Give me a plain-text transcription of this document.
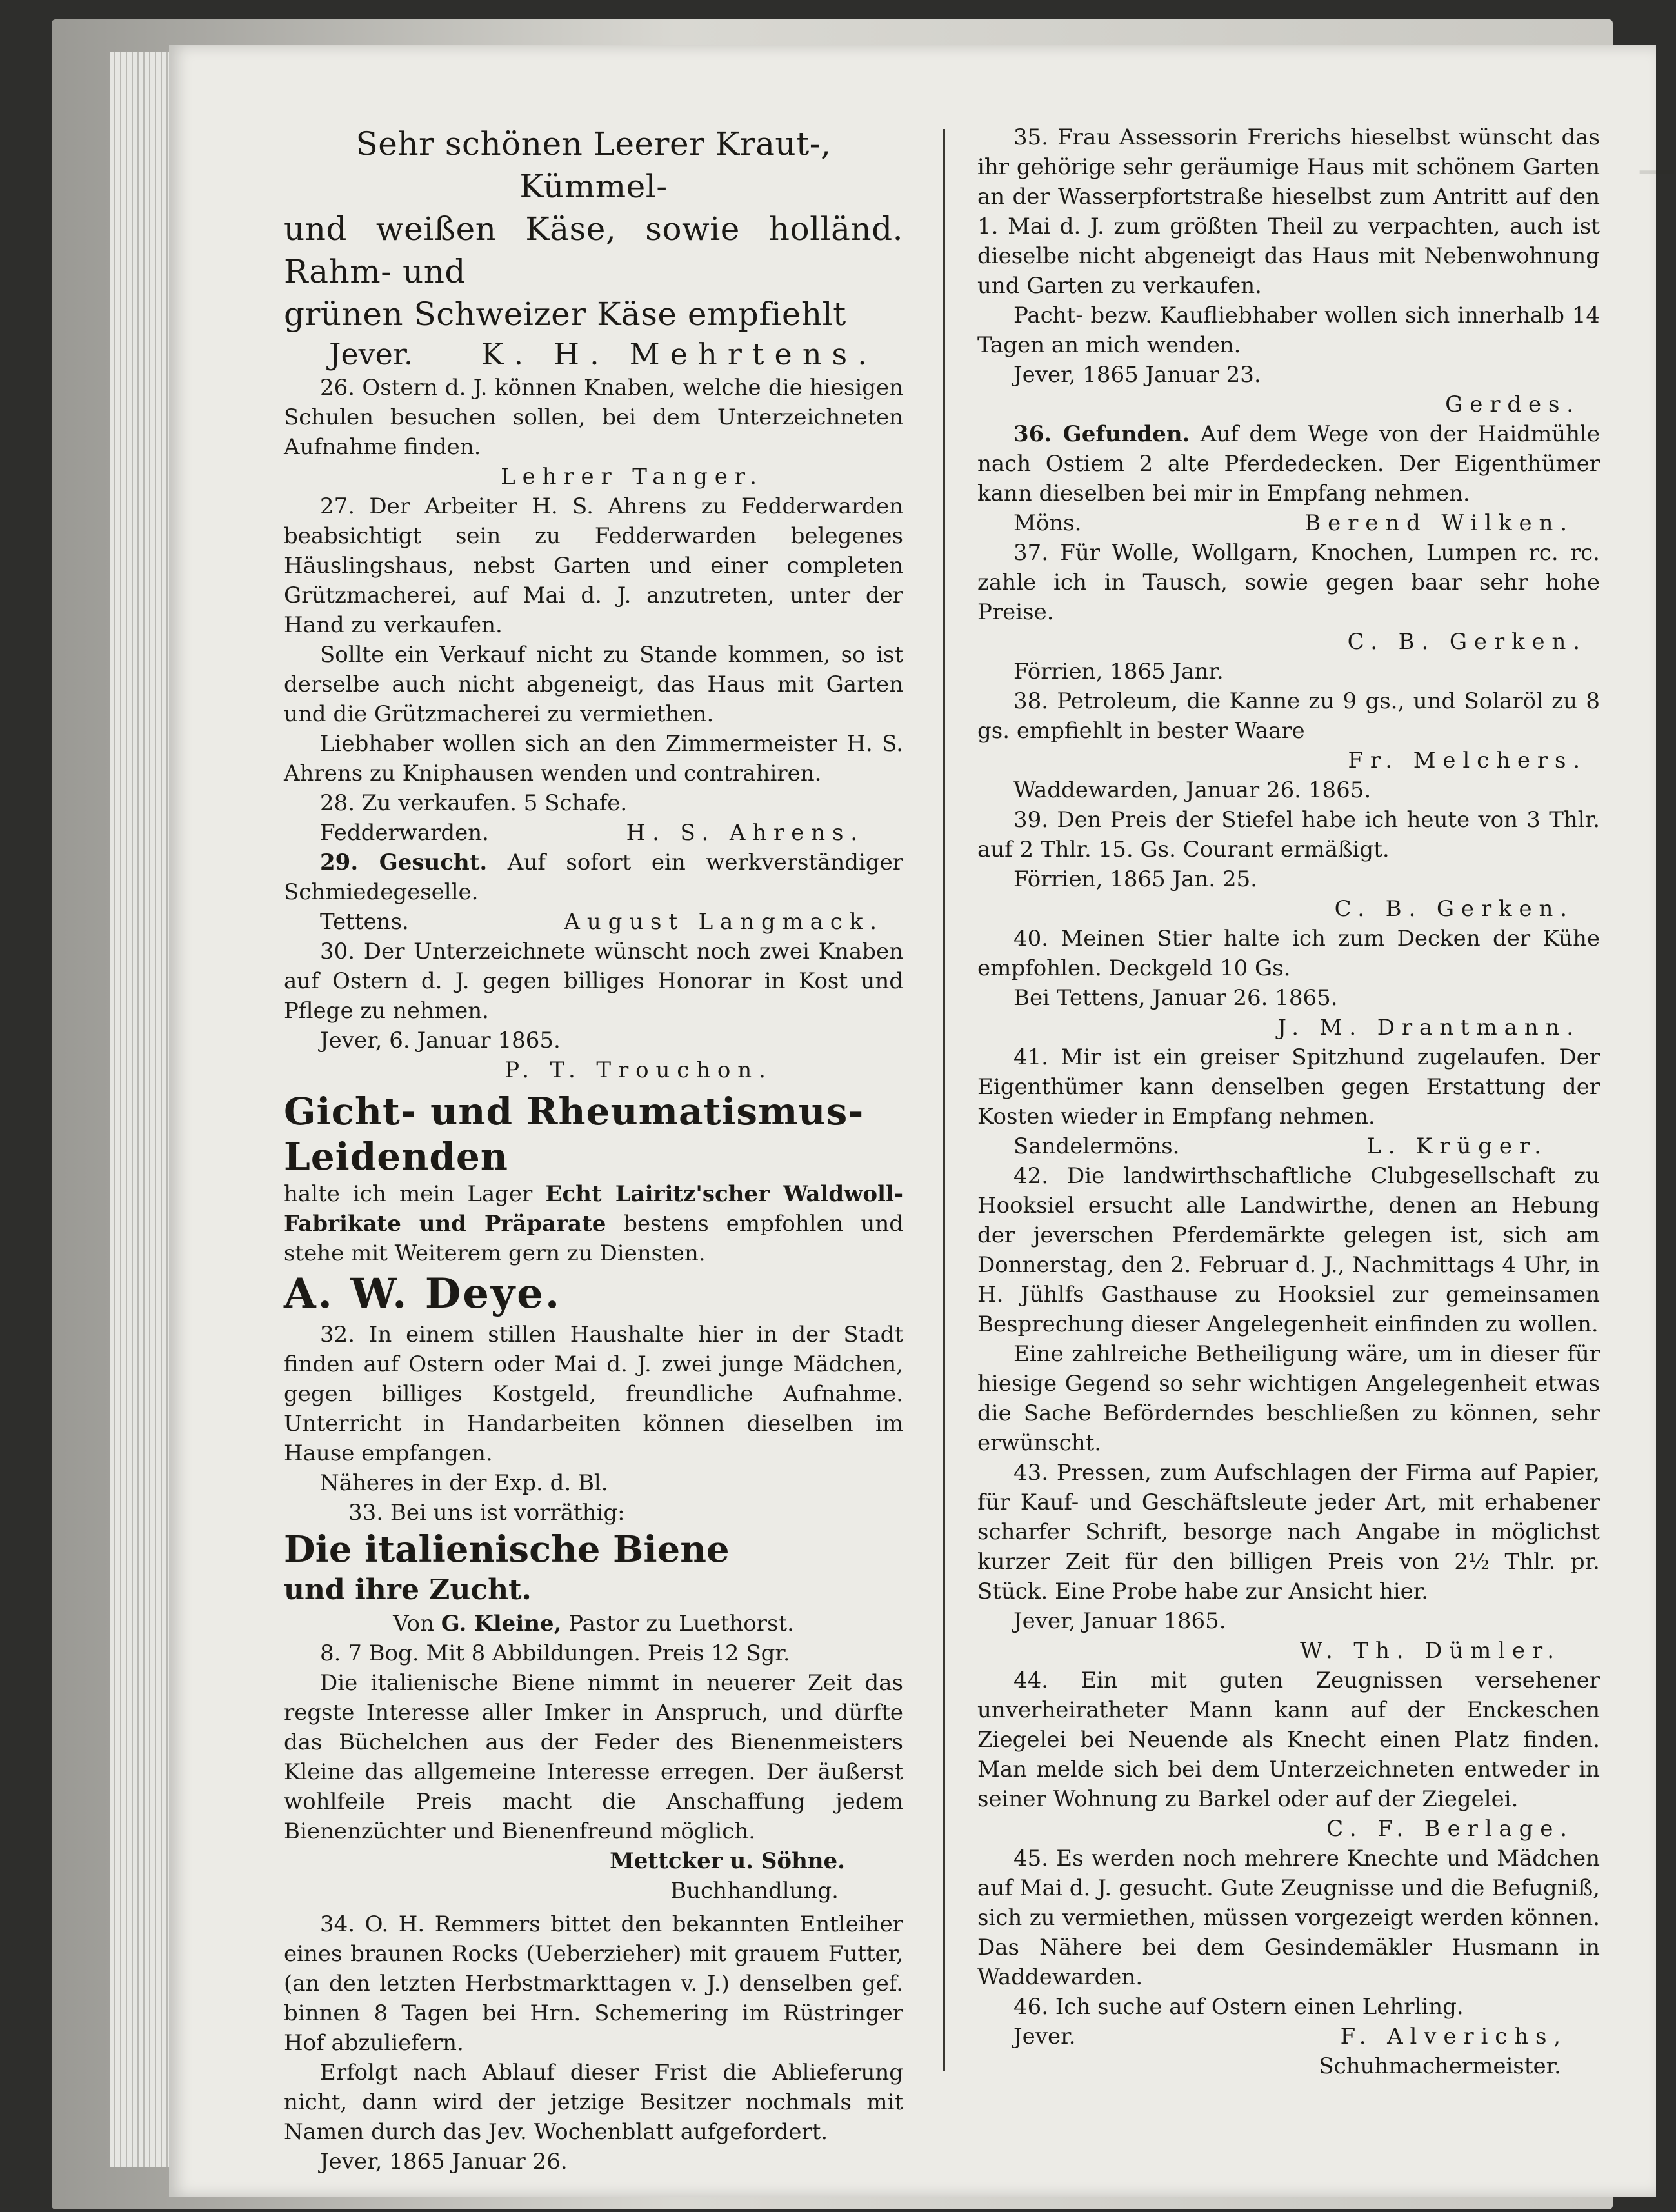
▁▁

Sehr schönen Leerer Kraut-, Kümmel-

und weißen Käse, sowie holländ. Rahm- und

grünen Schweizer Käse empfiehlt

Jever. K. H. Mehrtens.

26. Ostern d. J. können Knaben, welche die hiesigen Schulen besuchen sollen, bei dem Unterzeichneten Aufnahme finden.

Lehrer Tanger.

27. Der Arbeiter H. S. Ahrens zu Fedderwarden beabsichtigt sein zu Fedderwarden belegenes Häuslingshaus, nebst Garten und einer completen Grützmacherei, auf Mai d. J. anzutreten, unter der Hand zu verkaufen.

Sollte ein Verkauf nicht zu Stande kommen, so ist derselbe auch nicht abgeneigt, das Haus mit Garten und die Grützmacherei zu vermiethen.

Liebhaber wollen sich an den Zimmermeister H. S. Ahrens zu Kniphausen wenden und contrahiren.

28. Zu verkaufen. 5 Schafe.

Fedderwarden.	H. S. Ahrens.

29. Gesucht. Auf sofort ein werkverständiger Schmiedegeselle.

Tettens.	August Langmack.

30. Der Unterzeichnete wünscht noch zwei Knaben auf Ostern d. J. gegen billiges Honorar in Kost und Pflege zu nehmen.

Jever, 6. Januar 1865.

P. T. Trouchon.

Gicht- und Rheumatismus-

Leidenden

halte ich mein Lager Echt Lairitz'scher Waldwoll-Fabrikate und Präparate bestens empfohlen und stehe mit Weiterem gern zu Diensten.

A. W. Deye.

32. In einem stillen Haushalte hier in der Stadt finden auf Ostern oder Mai d. J. zwei junge Mädchen, gegen billiges Kostgeld, freundliche Aufnahme. Unterricht in Handarbeiten können dieselben im Hause empfangen.

Näheres in der Exp. d. Bl.

33. Bei uns ist vorräthig:

Die italienische Biene

und ihre Zucht.

Von G. Kleine, Pastor zu Luethorst.

8. 7 Bog. Mit 8 Abbildungen. Preis 12 Sgr.

Die italienische Biene nimmt in neuerer Zeit das regste Interesse aller Imker in Anspruch, und dürfte das Büchelchen aus der Feder des Bienenmeisters Kleine das allgemeine Interesse erregen. Der äußerst wohlfeile Preis macht die Anschaffung jedem Bienenzüchter und Bienenfreund möglich.

Mettcker u. Söhne.

Buchhandlung.

34. O. H. Remmers bittet den bekannten Entleiher eines braunen Rocks (Ueberzieher) mit grauem Futter, (an den letzten Herbstmarkttagen v. J.) denselben gef. binnen 8 Tagen bei Hrn. Schemering im Rüstringer Hof abzuliefern.

Erfolgt nach Ablauf dieser Frist die Ablieferung nicht, dann wird der jetzige Besitzer nochmals mit Namen durch das Jev. Wochenblatt aufgefordert.

Jever, 1865 Januar 26.

35. Frau Assessorin Frerichs hieselbst wünscht das ihr gehörige sehr geräumige Haus mit schönem Garten an der Wasserpfortstraße hieselbst zum Antritt auf den 1. Mai d. J. zum größten Theil zu verpachten, auch ist dieselbe nicht abgeneigt das Haus mit Nebenwohnung und Garten zu verkaufen.

Pacht- bezw. Kaufliebhaber wollen sich innerhalb 14 Tagen an mich wenden.

Jever, 1865 Januar 23.

Gerdes.

36. Gefunden. Auf dem Wege von der Haidmühle nach Ostiem 2 alte Pferdedecken. Der Eigenthümer kann dieselben bei mir in Empfang nehmen.

Möns.	Berend Wilken.

37. Für Wolle, Wollgarn, Knochen, Lumpen rc. rc. zahle ich in Tausch, sowie gegen baar sehr hohe Preise.

C. B. Gerken.

Förrien, 1865 Janr.

38. Petroleum, die Kanne zu 9 gs., und Solaröl zu 8 gs. empfiehlt in bester Waare

Fr. Melchers.

Waddewarden, Januar 26. 1865.

39. Den Preis der Stiefel habe ich heute von 3 Thlr. auf 2 Thlr. 15. Gs. Courant ermäßigt.

Förrien, 1865 Jan. 25.

C. B. Gerken.

40. Meinen Stier halte ich zum Decken der Kühe empfohlen. Deckgeld 10 Gs.

Bei Tettens, Januar 26. 1865.

J. M. Drantmann.

41. Mir ist ein greiser Spitzhund zugelaufen. Der Eigenthümer kann denselben gegen Erstattung der Kosten wieder in Empfang nehmen.

Sandelermöns.	L. Krüger.

42. Die landwirthschaftliche Clubgesellschaft zu Hooksiel ersucht alle Landwirthe, denen an Hebung der jeverschen Pferdemärkte gelegen ist, sich am Donnerstag, den 2. Februar d. J., Nachmittags 4 Uhr, in H. Jühlfs Gasthause zu Hooksiel zur gemeinsamen Besprechung dieser Angelegenheit einfinden zu wollen.

Eine zahlreiche Betheiligung wäre, um in dieser für hiesige Gegend so sehr wichtigen Angelegenheit etwas die Sache Beförderndes beschließen zu können, sehr erwünscht.

43. Pressen, zum Aufschlagen der Firma auf Papier, für Kauf- und Geschäftsleute jeder Art, mit erhabener scharfer Schrift, besorge nach Angabe in möglichst kurzer Zeit für den billigen Preis von 2½ Thlr. pr. Stück. Eine Probe habe zur Ansicht hier.

Jever, Januar 1865.

W. Th. Dümler.

44. Ein mit guten Zeugnissen versehener unverheiratheter Mann kann auf der Enckeschen Ziegelei bei Neuende als Knecht einen Platz finden. Man melde sich bei dem Unterzeichneten entweder in seiner Wohnung zu Barkel oder auf der Ziegelei.

C. F. Berlage.

45. Es werden noch mehrere Knechte und Mädchen auf Mai d. J. gesucht. Gute Zeugnisse und die Befugniß, sich zu vermiethen, müssen vorgezeigt werden können. Das Nähere bei dem Gesindemäkler Husmann in Waddewarden.

46. Ich suche auf Ostern einen Lehrling.

Jever.	F. Alverichs,

Schuhmachermeister.
